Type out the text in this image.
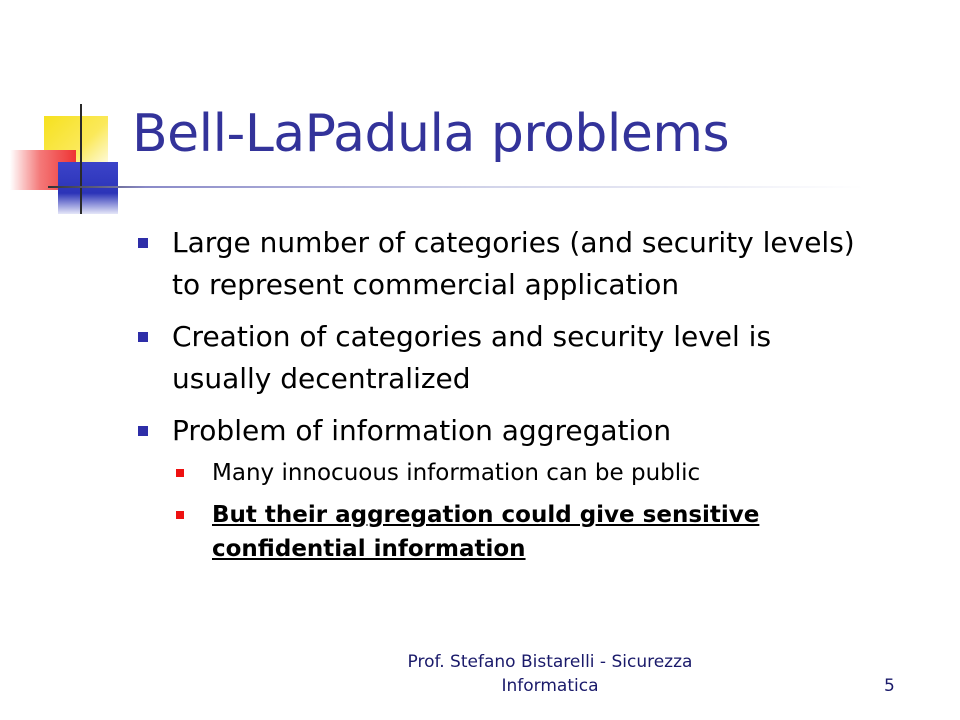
Bell-LaPadula problems
Large number of categories (and security levels) to represent commercial application
Creation of categories and security level is usually decentralized
Problem of information aggregation
Many innocuous information can be public
But their aggregation could give sensitive confidential information
Prof. Stefano Bistarelli - Sicurezza Informatica	5
